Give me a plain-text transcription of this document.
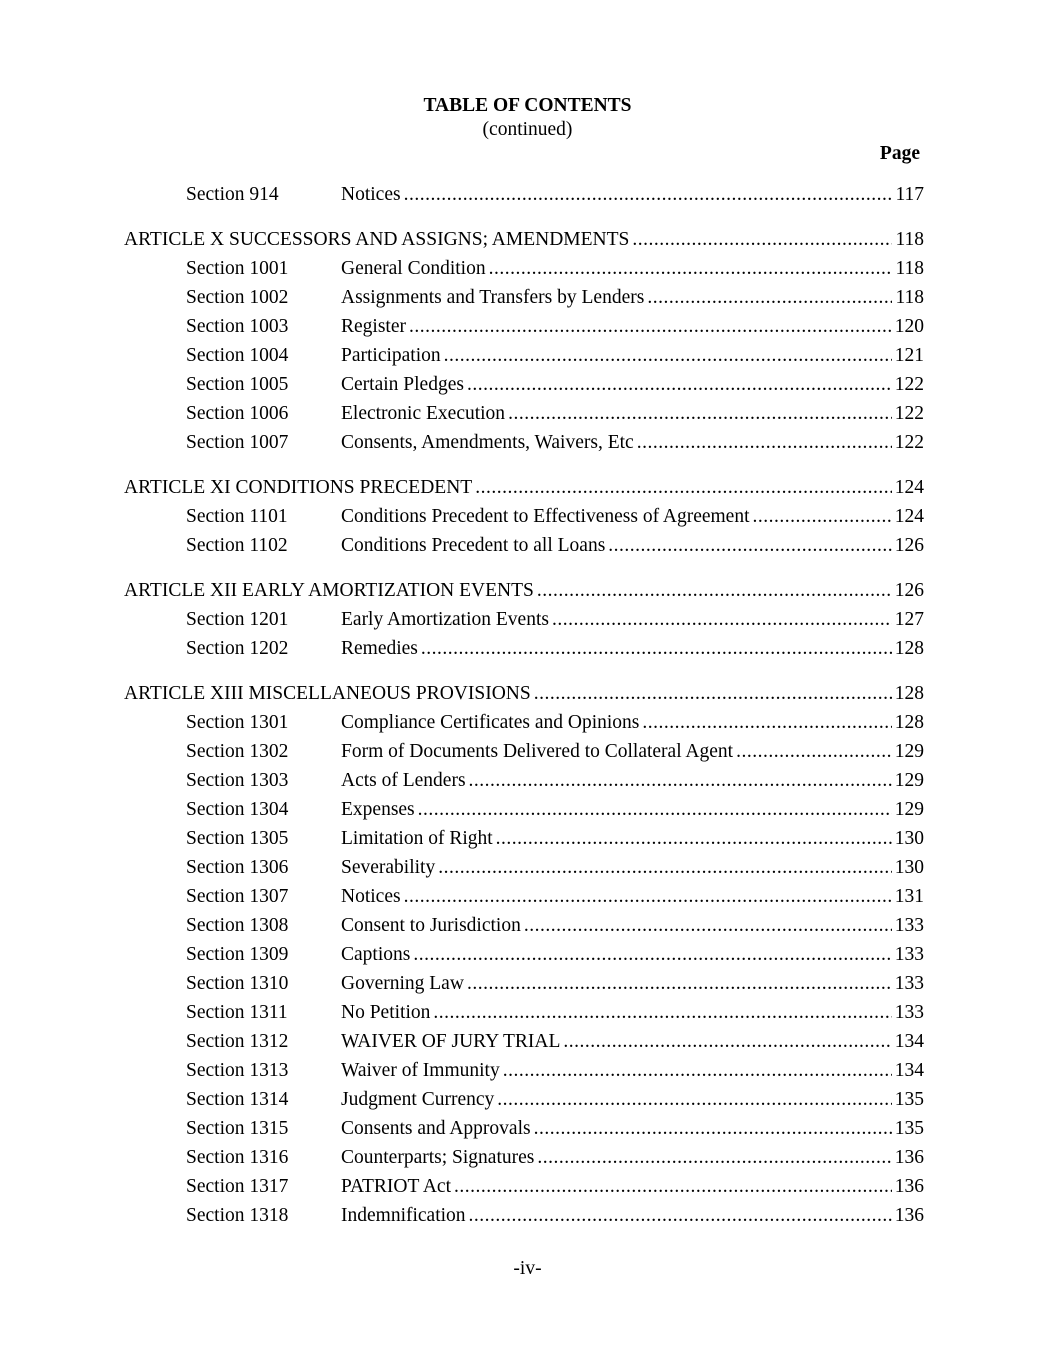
TABLE OF CONTENTS
(continued)
Page
Section 914	Notices .....	117
ARTICLE X SUCCESSORS AND ASSIGNS; AMENDMENTS .....	118
Section 1001	General Condition .....	118
Section 1002	Assignments and Transfers by Lenders .....	118
Section 1003	Register .....	120
Section 1004	Participation .....	121
Section 1005	Certain Pledges .....	122
Section 1006	Electronic Execution .....	122
Section 1007	Consents, Amendments, Waivers, Etc .....	122
ARTICLE XI CONDITIONS PRECEDENT .....	124
Section 1101	Conditions Precedent to Effectiveness of Agreement .....	124
Section 1102	Conditions Precedent to all Loans .....	126
ARTICLE XII EARLY AMORTIZATION EVENTS .....	126
Section 1201	Early Amortization Events .....	127
Section 1202	Remedies .....	128
ARTICLE XIII MISCELLANEOUS PROVISIONS .....	128
Section 1301	Compliance Certificates and Opinions .....	128
Section 1302	Form of Documents Delivered to Collateral Agent .....	129
Section 1303	Acts of Lenders .....	129
Section 1304	Expenses .....	129
Section 1305	Limitation of Right .....	130
Section 1306	Severability .....	130
Section 1307	Notices .....	131
Section 1308	Consent to Jurisdiction .....	133
Section 1309	Captions .....	133
Section 1310	Governing Law .....	133
Section 1311	No Petition .....	133
Section 1312	WAIVER OF JURY TRIAL .....	134
Section 1313	Waiver of Immunity .....	134
Section 1314	Judgment Currency .....	135
Section 1315	Consents and Approvals .....	135
Section 1316	Counterparts; Signatures .....	136
Section 1317	PATRIOT Act .....	136
Section 1318	Indemnification .....	136
-iv-
